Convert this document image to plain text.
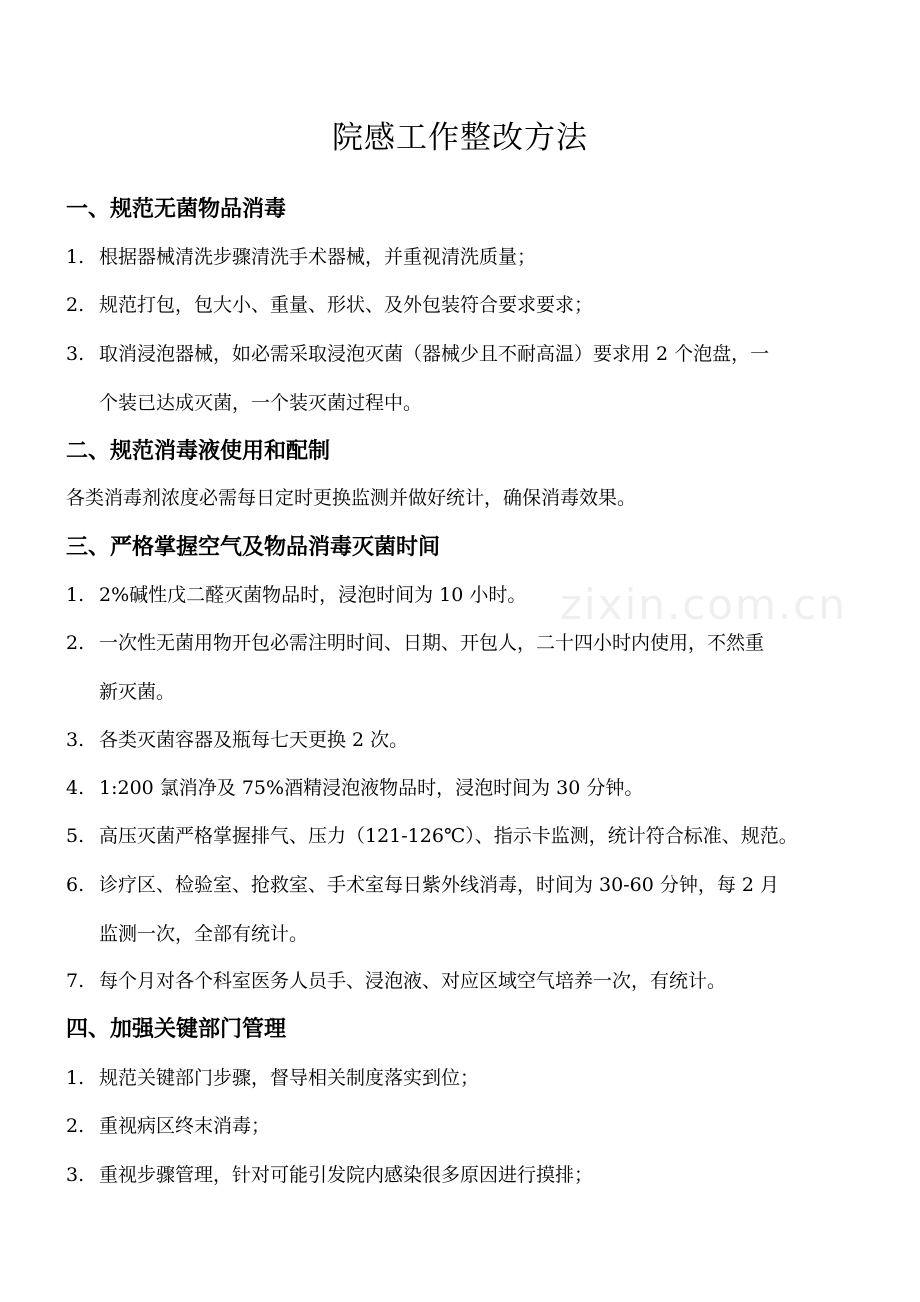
zixin.com.cn
院感工作整改方法
一、规范无菌物品消毒
1. 根据器械清洗步骤清洗手术器械，并重视清洗质量；
2. 规范打包，包大小、重量、形状、及外包装符合要求要求；
3. 取消浸泡器械，如必需采取浸泡灭菌（器械少且不耐高温）要求用 2 个泡盘，一
个装已达成灭菌，一个装灭菌过程中。
二、规范消毒液使用和配制
各类消毒剂浓度必需每日定时更换监测并做好统计，确保消毒效果。
三、严格掌握空气及物品消毒灭菌时间
1. 2%碱性戊二醛灭菌物品时，浸泡时间为 10 小时。
2. 一次性无菌用物开包必需注明时间、日期、开包人，二十四小时内使用，不然重
新灭菌。
3. 各类灭菌容器及瓶每七天更换 2 次。
4. 1:200 氯消净及 75%酒精浸泡液物品时，浸泡时间为 30 分钟。
5. 高压灭菌严格掌握排气、压力（121-126℃）、指示卡监测，统计符合标准、规范。
6. 诊疗区、检验室、抢救室、手术室每日紫外线消毒，时间为 30-60 分钟，每 2 月
监测一次，全部有统计。
7. 每个月对各个科室医务人员手、浸泡液、对应区域空气培养一次，有统计。
四、加强关键部门管理
1. 规范关键部门步骤，督导相关制度落实到位；
2. 重视病区终末消毒；
3. 重视步骤管理，针对可能引发院内感染很多原因进行摸排；
